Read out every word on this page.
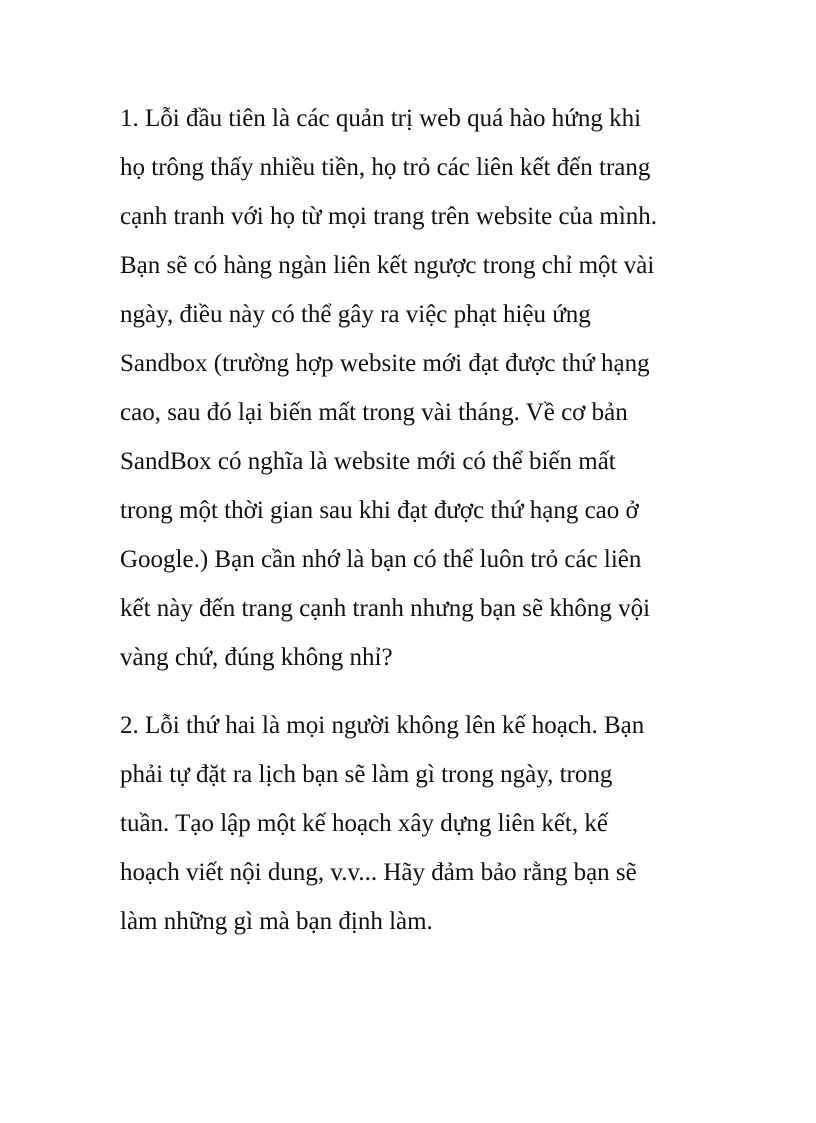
1. Lỗi đầu tiên là các quản trị web quá hào hứng khi
họ trông thấy nhiều tiền, họ trỏ các liên kết đến trang
cạnh tranh với họ từ mọi trang trên website của mình.
Bạn sẽ có hàng ngàn liên kết ngược trong chỉ một vài
ngày, điều này có thể gây ra việc phạt hiệu ứng
Sandbox (trường hợp website mới đạt được thứ hạng
cao, sau đó lại biến mất trong vài tháng. Về cơ bản
SandBox có nghĩa là website mới có thể biến mất
trong một thời gian sau khi đạt được thứ hạng cao ở
Google.) Bạn cần nhớ là bạn có thể luôn trỏ các liên
kết này đến trang cạnh tranh nhưng bạn sẽ không vội
vàng chứ, đúng không nhỉ?

2. Lỗi thứ hai là mọi người không lên kế hoạch. Bạn
phải tự đặt ra lịch bạn sẽ làm gì trong ngày, trong
tuần. Tạo lập một kế hoạch xây dựng liên kết, kế
hoạch viết nội dung, v.v... Hãy đảm bảo rằng bạn sẽ
làm những gì mà bạn định làm.
